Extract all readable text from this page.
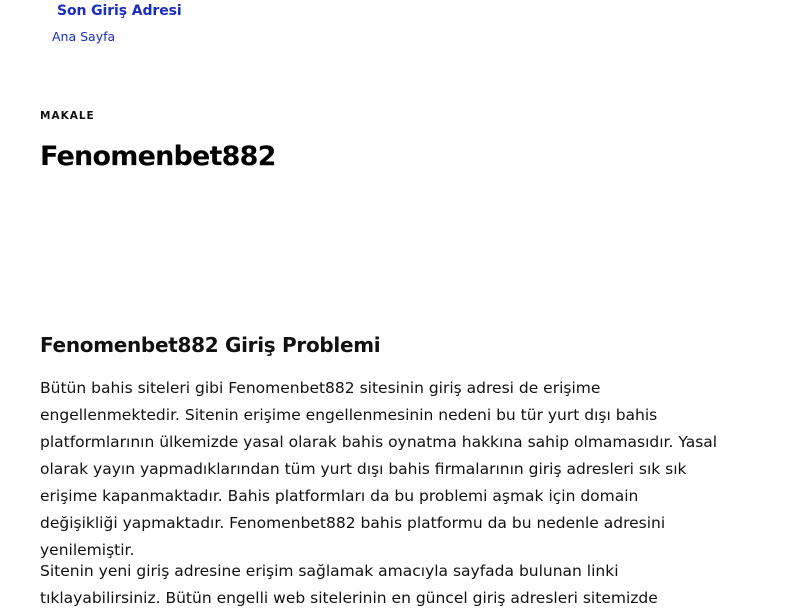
Son Giriş Adresi
Ana Sayfa
MAKALE
Fenomenbet882
Fenomenbet882 Giriş Problemi

Bütün bahis siteleri gibi Fenomenbet882 sitesinin giriş adresi de erişime engellenmektedir. Sitenin erişime engellenmesinin nedeni bu tür yurt dışı bahis platformlarının ülkemizde yasal olarak bahis oynatma hakkına sahip olmamasıdır. Yasal olarak yayın yapmadıklarından tüm yurt dışı bahis firmalarının giriş adresleri sık sık erişime kapanmaktadır. Bahis platformları da bu problemi aşmak için domain değişikliği yapmaktadır. Fenomenbet882 bahis platformu da bu nedenle adresini yenilemiştir.

Sitenin yeni giriş adresine erişim sağlamak amacıyla sayfada bulunan linki tıklayabilirsiniz. Bütün engelli web sitelerinin en güncel giriş adresleri sitemizde
